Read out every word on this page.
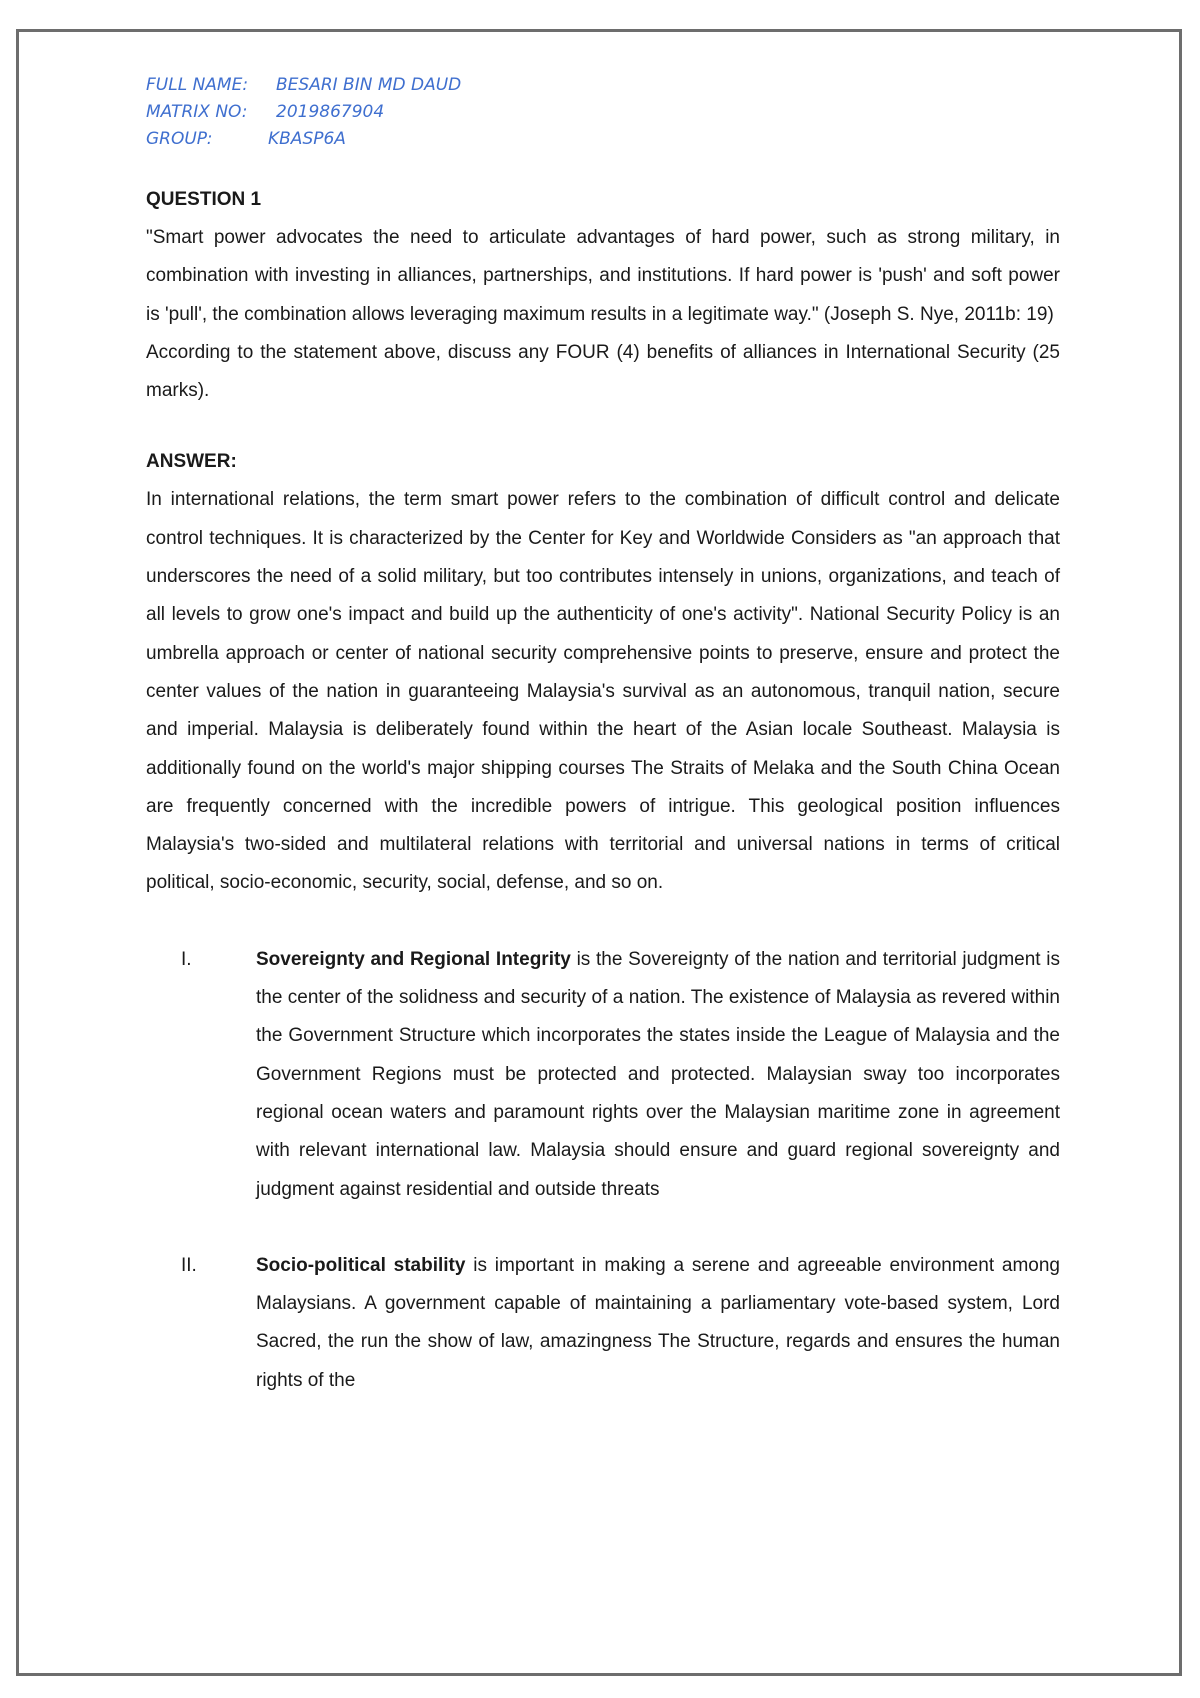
FULL NAME:	BESARI BIN MD DAUD
MATRIX NO:	2019867904
GROUP:	KBASP6A
QUESTION 1

"Smart power advocates the need to articulate advantages of hard power, such as strong military, in combination with investing in alliances, partnerships, and institutions. If hard power is 'push' and soft power is 'pull', the combination allows leveraging maximum results in a legitimate way." (Joseph S. Nye, 2011b: 19)

According to the statement above, discuss any FOUR (4) benefits of alliances in International Security (25 marks).

ANSWER:

In international relations, the term smart power refers to the combination of difficult control and delicate control techniques. It is characterized by the Center for Key and Worldwide Considers as "an approach that underscores the need of a solid military, but too contributes intensely in unions, organizations, and teach of all levels to grow one's impact and build up the authenticity of one's activity". National Security Policy is an umbrella approach or center of national security comprehensive points to preserve, ensure and protect the center values of the nation in guaranteeing Malaysia's survival as an autonomous, tranquil nation, secure and imperial. Malaysia is deliberately found within the heart of the Asian locale Southeast. Malaysia is additionally found on the world's major shipping courses The Straits of Melaka and the South China Ocean are frequently concerned with the incredible powers of intrigue. This geological position influences Malaysia's two-sided and multilateral relations with territorial and universal nations in terms of critical political, socio-economic, security, social, defense, and so on.

I.	Sovereignty and Regional Integrity is the Sovereignty of the nation and territorial judgment is the center of the solidness and security of a nation. The existence of Malaysia as revered within the Government Structure which incorporates the states inside the League of Malaysia and the Government Regions must be protected and protected. Malaysian sway too incorporates regional ocean waters and paramount rights over the Malaysian maritime zone in agreement with relevant international law. Malaysia should ensure and guard regional sovereignty and judgment against residential and outside threats
II.	Socio-political stability is important in making a serene and agreeable environment among Malaysians. A government capable of maintaining a parliamentary vote-based system, Lord Sacred, the run the show of law, amazingness The Structure, regards and ensures the human rights of the
